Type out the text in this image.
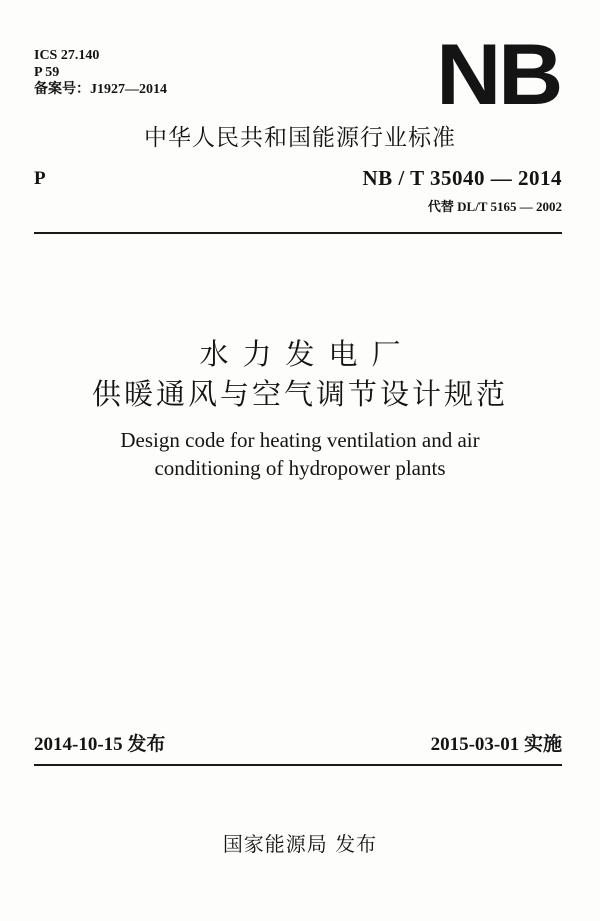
ICS 27.140
P 59
备案号：J1927—2014	NB
中华人民共和国能源行业标准
P	NB / T 35040 — 2014
代替 DL/T 5165 — 2002
水力发电厂
供暖通风与空气调节设计规范
Design code for heating ventilation and air
conditioning of hydropower plants
2014-10-15 发布	2015-03-01 实施
国家能源局 发布
